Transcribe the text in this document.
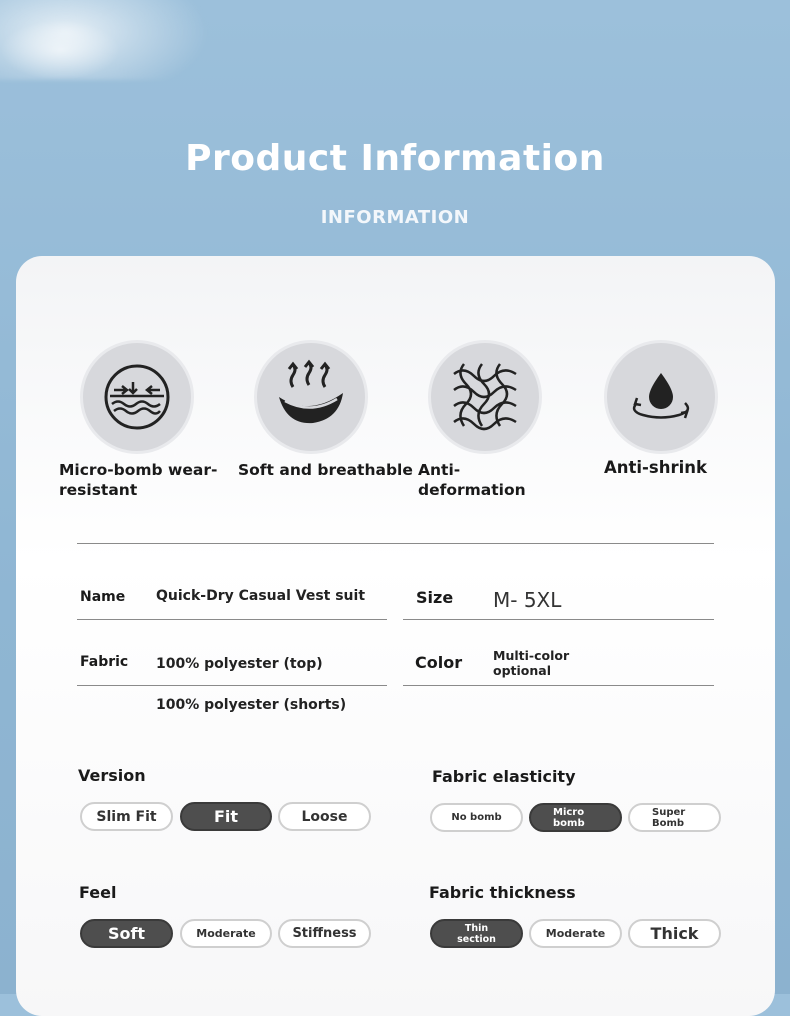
Product Information
INFORMATION
Micro-bomb wear-resistant
Soft and breathable Anti-deformation
Anti-shrink
Name Quick-Dry Casual Vest suit	Size M- 5XL
Fabric 100% polyester (top)	Color Multi-color
optional
100% polyester (shorts)
Version
Slim Fit	Fit	Loose
Fabric elasticity
No bomb	Micro bomb
Super Bomb
Feel
Soft	Moderate	Stiffness
Fabric thickness
Thin section	Moderate	Thick
